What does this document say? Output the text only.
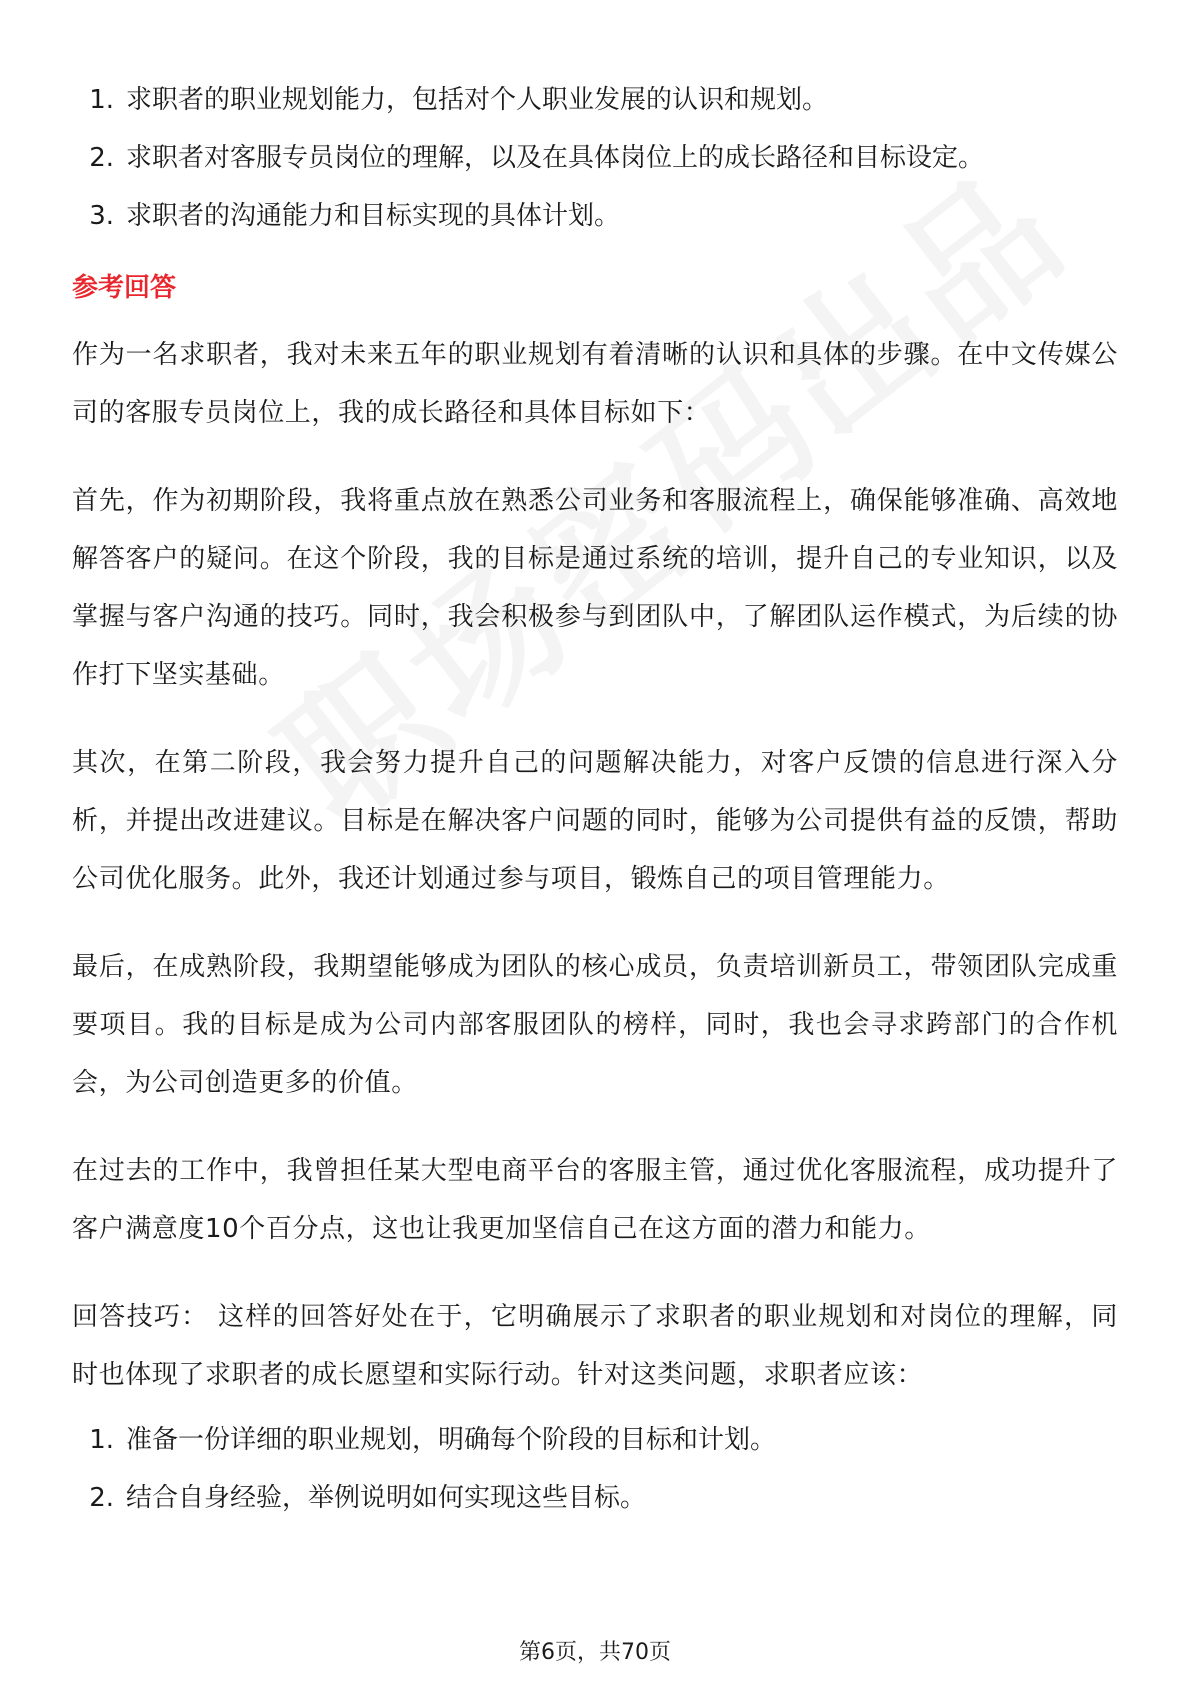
1. 求职者的职业规划能力，包括对个人职业发展的认识和规划。
2. 求职者对客服专员岗位的理解，以及在具体岗位上的成长路径和目标设定。
3. 求职者的沟通能力和目标实现的具体计划。
参考回答

作为一名求职者，我对未来五年的职业规划有着清晰的认识和具体的步骤。在中文传媒公司的客服专员岗位上，我的成长路径和具体目标如下：

首先，作为初期阶段，我将重点放在熟悉公司业务和客服流程上，确保能够准确、高效地解答客户的疑问。在这个阶段，我的目标是通过系统的培训，提升自己的专业知识，以及掌握与客户沟通的技巧。同时，我会积极参与到团队中，了解团队运作模式，为后续的协作打下坚实基础。

其次，在第二阶段，我会努力提升自己的问题解决能力，对客户反馈的信息进行深入分析，并提出改进建议。目标是在解决客户问题的同时，能够为公司提供有益的反馈，帮助公司优化服务。此外，我还计划通过参与项目，锻炼自己的项目管理能力。

最后，在成熟阶段，我期望能够成为团队的核心成员，负责培训新员工，带领团队完成重要项目。我的目标是成为公司内部客服团队的榜样，同时，我也会寻求跨部门的合作机会，为公司创造更多的价值。

在过去的工作中，我曾担任某大型电商平台的客服主管，通过优化客服流程，成功提升了客户满意度10个百分点，这也让我更加坚信自己在这方面的潜力和能力。

回答技巧： 这样的回答好处在于，它明确展示了求职者的职业规划和对岗位的理解，同时也体现了求职者的成长愿望和实际行动。针对这类问题，求职者应该：

1. 准备一份详细的职业规划，明确每个阶段的目标和计划。
2. 结合自身经验，举例说明如何实现这些目标。
第6页，共70页
